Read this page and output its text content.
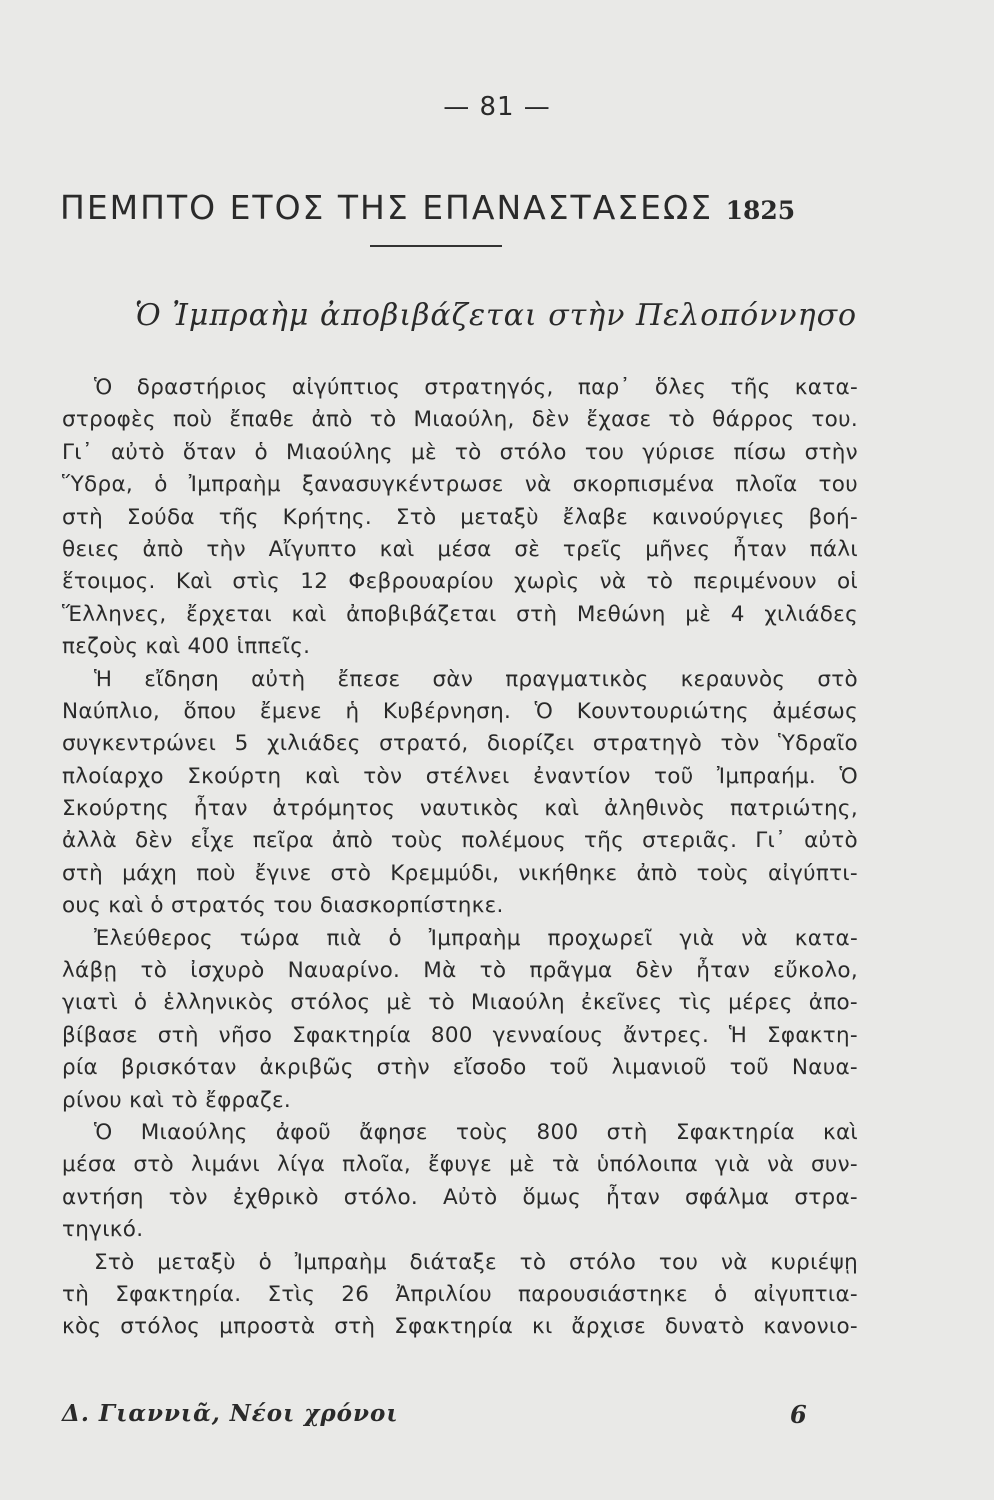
— 81 —
ΠΕΜΠΤΟ ΕΤΟΣ ΤΗΣ ΕΠΑΝΑΣΤΑΣΕΩΣ 1825
Ὁ Ἰμπραὴμ ἀποβιβάζεται στὴν Πελοπόννησο
Ὁ δραστήριος αἰγύπτιος στρατηγός, παρ᾽ ὅλες τῆς κατα-
στροφὲς ποὺ ἔπαθε ἀπὸ τὸ Μιαούλη, δὲν ἔχασε τὸ θάρρος του.
Γι᾽ αὐτὸ ὅταν ὁ Μιαούλης μὲ τὸ στόλο του γύρισε πίσω στὴν
Ὕδρα, ὁ Ἰμπραὴμ ξανασυγκέντρωσε νὰ σκορπισμένα πλοῖα του
στὴ Σούδα τῆς Κρήτης. Στὸ μεταξὺ ἔλαβε καινούργιες βοή-
θειες ἀπὸ τὴν Αἴγυπτο καὶ μέσα σὲ τρεῖς μῆνες ἦταν πάλι
ἕτοιμος. Καὶ στὶς 12 Φεβρουαρίου χωρὶς νὰ τὸ περιμένουν οἱ
Ἕλληνες, ἔρχεται καὶ ἀποβιβάζεται στὴ Μεθώνη μὲ 4 χιλιάδες
πεζοὺς καὶ 400 ἱππεῖς.
Ἡ εἴδηση αὐτὴ ἔπεσε σὰν πραγματικὸς κεραυνὸς στὸ
Ναύπλιο, ὅπου ἔμενε ἡ Κυβέρνηση. Ὁ Κουντουριώτης ἀμέσως
συγκεντρώνει 5 χιλιάδες στρατό, διορίζει στρατηγὸ τὸν Ὑδραῖο
πλοίαρχο Σκούρτη καὶ τὸν στέλνει ἐναντίον τοῦ Ἰμπραήμ. Ὁ
Σκούρτης ἦταν ἀτρόμητος ναυτικὸς καὶ ἀληθινὸς πατριώτης,
ἀλλὰ δὲν εἶχε πεῖρα ἀπὸ τοὺς πολέμους τῆς στεριᾶς. Γι᾽ αὐτὸ
στὴ μάχη ποὺ ἔγινε στὸ Κρεμμύδι, νικήθηκε ἀπὸ τοὺς αἰγύπτι-
ους καὶ ὁ στρατός του διασκορπίστηκε.
Ἐλεύθερος τώρα πιὰ ὁ Ἰμπραὴμ προχωρεῖ γιὰ νὰ κατα-
λάβῃ τὸ ἰσχυρὸ Ναυαρίνο. Μὰ τὸ πρᾶγμα δὲν ἦταν εὔκολο,
γιατὶ ὁ ἑλληνικὸς στόλος μὲ τὸ Μιαούλη ἐκεῖνες τὶς μέρες ἀπο-
βίβασε στὴ νῆσο Σφακτηρία 800 γενναίους ἄντρες. Ἡ Σφακτη-
ρία βρισκόταν ἀκριβῶς στὴν εἴσοδο τοῦ λιμανιοῦ τοῦ Ναυα-
ρίνου καὶ τὸ ἔφραζε.
Ὁ Μιαούλης ἀφοῦ ἄφησε τοὺς 800 στὴ Σφακτηρία καὶ
μέσα στὸ λιμάνι λίγα πλοῖα, ἔφυγε μὲ τὰ ὑπόλοιπα γιὰ νὰ συν-
αντήση τὸν ἐχθρικὸ στόλο. Αὐτὸ ὅμως ἦταν σφάλμα στρα-
τηγικό.
Στὸ μεταξὺ ὁ Ἰμπραὴμ διάταξε τὸ στόλο του νὰ κυριέψῃ
τὴ Σφακτηρία. Στὶς 26 Ἀπριλίου παρουσιάστηκε ὁ αἰγυπτια-
κὸς στόλος μπροστὰ στὴ Σφακτηρία κι ἄρχισε δυνατὸ κανονιο-
Δ. Γιαννιᾶ, Νέοι χρόνοι	6
